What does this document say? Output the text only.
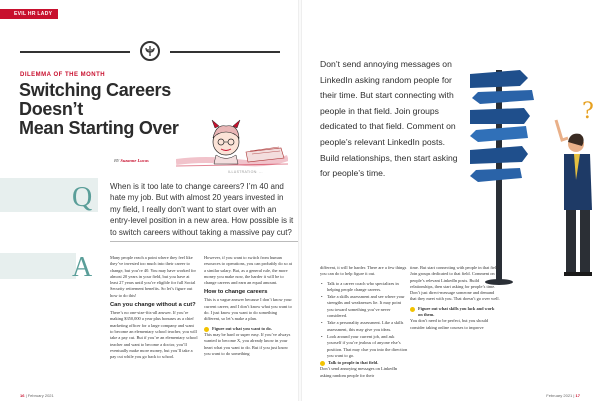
EVIL HR LADY
DILEMMA OF THE MONTH
Switching Careers Doesn’t
Mean Starting Over
BY Suzanne Lucas
ILLUSTRATION: ...
Q When is it too late to change careers? I’m 40 and hate my job. But with almost 20 years invested in my field, I really don’t want to start over with an entry-level position in a new area. How possible is it to switch careers without taking a massive pay cut?

A	Many people reach a point where they feel like they’ve invested too much into their career to change, but you’re 40. You may have worked for almost 20 years in your field, but you have at least 27 years until you’re eligible for full Social Security retirement benefits. So let’s figure out how to do this!

Can you change without a cut?

There’s no one-size-fits-all answer. If you’re making $350,000 a year plus bonuses as a chief marketing officer for a large company and want to become an elementary school teacher, you will take a pay cut. But if you’re an elementary school teacher and want to become a doctor, you’ll eventually make more money, but you’ll take a pay cut while you go back to school.

However, if you want to switch from human resources to operations, you can probably do so at a similar salary. But, as a general rule, the more money you make now, the harder it will be to change careers and earn an equal amount.

How to change careers

This is a vague answer because I don’t know your current career, and I don’t know what you want to do. I just know you want to do something different, so let’s make a plan.

Figure out what you want to do.

This may be hard or super easy. If you’ve always wanted to become X, you already know in your heart what you want to do. But if you just know you want to do something

16 | February 2021

Don’t send annoying messages on LinkedIn asking random people for their time. But start connecting with people in that field. Join groups dedicated to that field. Comment on people’s relevant LinkedIn posts. Build relationships, then start asking for people’s time.

?

different, it will be harder. There are a few things you can do to help figure it out.

• Talk to a career coach who specializes in helping people change careers.
• Take a skills assessment and see where your strengths and weaknesses lie. It may point you toward something you’ve never considered.
• Take a personality assessment. Like a skills assessment, this may give you ideas.
• Look around your current job, and ask yourself if you’re jealous of anyone else’s position. That may clue you into the direction you want to go.
Talk to people in that field.

Don’t send annoying messages on LinkedIn asking random people for their

time. But start connecting with people in that field. Join groups dedicated to that field. Comment on people’s relevant LinkedIn posts. Build relationships, then start asking for people’s time. Don’t just direct-message someone and demand that they meet with you. That doesn’t go over well.

Figure out what skills you lack and work on them.

You don’t need to be perfect, but you should consider taking online courses to improve

February 2021 | 17
